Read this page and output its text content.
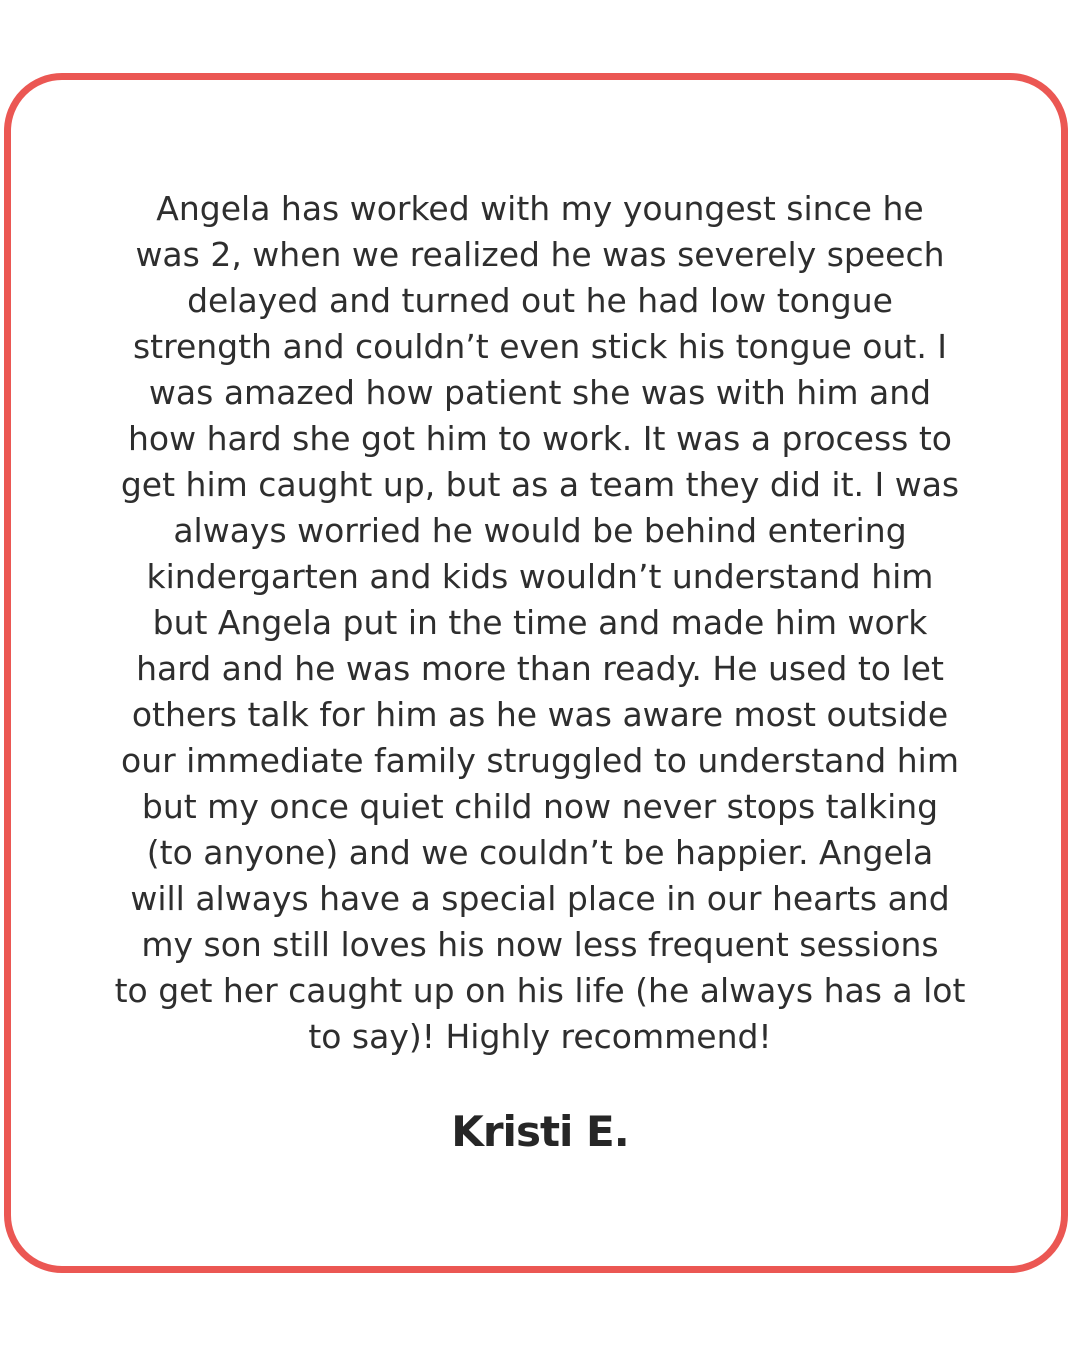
Angela has worked with my youngest since he
was 2, when we realized he was severely speech
delayed and turned out he had low tongue
strength and couldn’t even stick his tongue out. I
was amazed how patient she was with him and
how hard she got him to work. It was a process to
get him caught up, but as a team they did it. I was
always worried he would be behind entering
kindergarten and kids wouldn’t understand him
but Angela put in the time and made him work
hard and he was more than ready. He used to let
others talk for him as he was aware most outside
our immediate family struggled to understand him
but my once quiet child now never stops talking
(to anyone) and we couldn’t be happier. Angela
will always have a special place in our hearts and
my son still loves his now less frequent sessions
to get her caught up on his life (he always has a lot
to say)! Highly recommend!

Kristi E.
